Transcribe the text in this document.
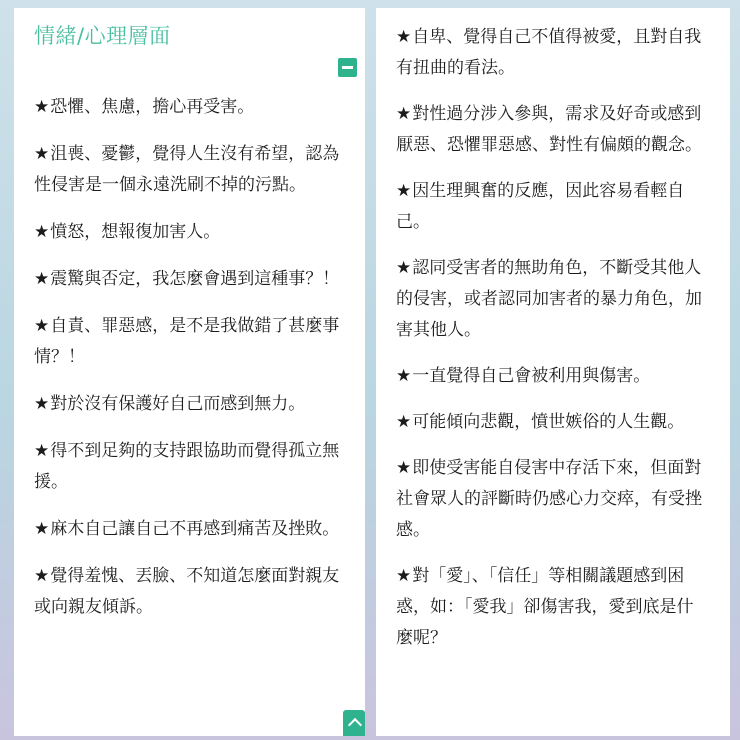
情緒/心理層面
★恐懼、焦慮，擔心再受害。
★沮喪、憂鬱，覺得人生沒有希望，認為性侵害是一個永遠洗刷不掉的污點。
★憤怒，想報復加害人。
★震驚與否定，我怎麼會遇到這種事？！
★自責、罪惡感，是不是我做錯了甚麼事情？！
★對於沒有保護好自己而感到無力。
★得不到足夠的支持跟協助而覺得孤立無援。
★麻木自己讓自己不再感到痛苦及挫敗。
★覺得羞愧、丟臉、不知道怎麼面對親友或向親友傾訴。
★自卑、覺得自己不值得被愛，且對自我有扭曲的看法。
★對性過分涉入參與，需求及好奇或感到厭惡、恐懼罪惡感、對性有偏頗的觀念。
★因生理興奮的反應，因此容易看輕自己。
★認同受害者的無助角色，不斷受其他人的侵害，或者認同加害者的暴力角色，加害其他人。
★一直覺得自己會被利用與傷害。
★可能傾向悲觀，憤世嫉俗的人生觀。
★即使受害能自侵害中存活下來，但面對社會眾人的評斷時仍感心力交瘁，有受挫感。
★對「愛」、「信任」等相關議題感到困惑，如：「愛我」卻傷害我，愛到底是什麼呢？
